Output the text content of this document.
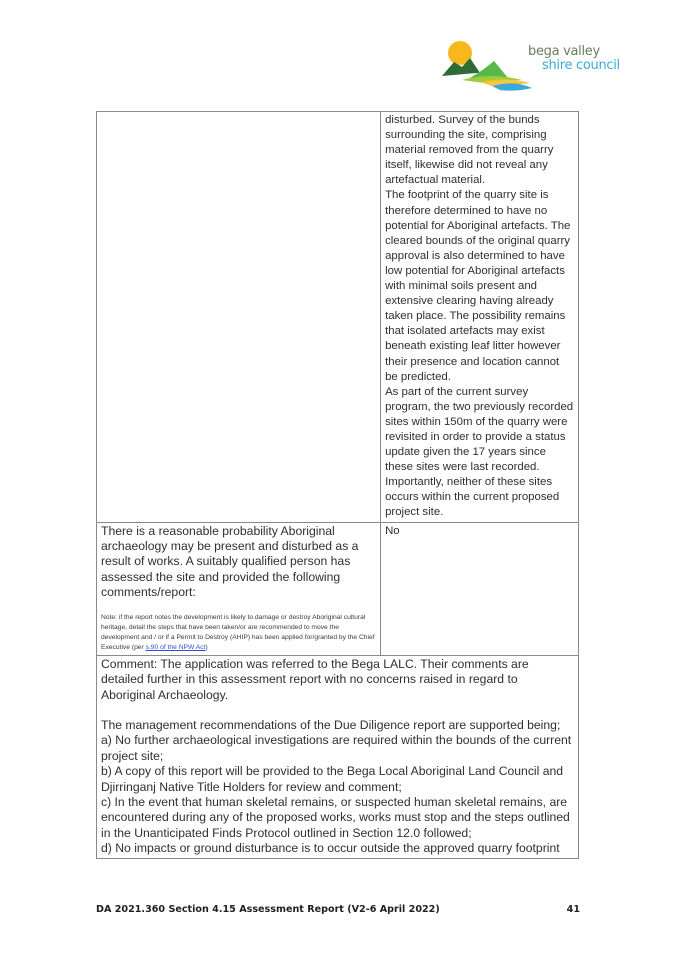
bega valley
shire council

	disturbed. Survey of the bunds surrounding the site, comprising material removed from the quarry itself, likewise did not reveal any artefactual material.
The footprint of the quarry site is therefore determined to have no potential for Aboriginal artefacts. The cleared bounds of the original quarry approval is also determined to have low potential for Aboriginal artefacts with minimal soils present and extensive clearing having already taken place. The possibility remains that isolated artefacts may exist beneath existing leaf litter however their presence and location cannot be predicted.
As part of the current survey program, the two previously recorded sites within 150m of the quarry were revisited in order to provide a status update given the 17 years since these sites were last recorded. Importantly, neither of these sites occurs within the current proposed project site.

There is a reasonable probability Aboriginal archaeology may be present and disturbed as a result of works. A suitably qualified person has assessed the site and provided the following comments/report:
Note: if the report notes the development is likely to damage or destroy Aboriginal cultural heritage, detail the steps that have been taken/or are recommended to move the development and / or if a Permit to Destroy (AHIP) has been applied for/granted by the Chief Executive (per s.90 of the NPW Act)	No

Comment: The application was referred to the Bega LALC. Their comments are detailed further in this assessment report with no concerns raised in regard to Aboriginal Archaeology.
The management recommendations of the Due Diligence report are supported being;
a) No further archaeological investigations are required within the bounds of the current project site;
b) A copy of this report will be provided to the Bega Local Aboriginal Land Council and Djirringanj Native Title Holders for review and comment;
c) In the event that human skeletal remains, or suspected human skeletal remains, are encountered during any of the proposed works, works must stop and the steps outlined in the Unanticipated Finds Protocol outlined in Section 12.0 followed;
d) No impacts or ground disturbance is to occur outside the approved quarry footprint
DA 2021.360 Section 4.15 Assessment Report (V2-6 April 2022)	41
